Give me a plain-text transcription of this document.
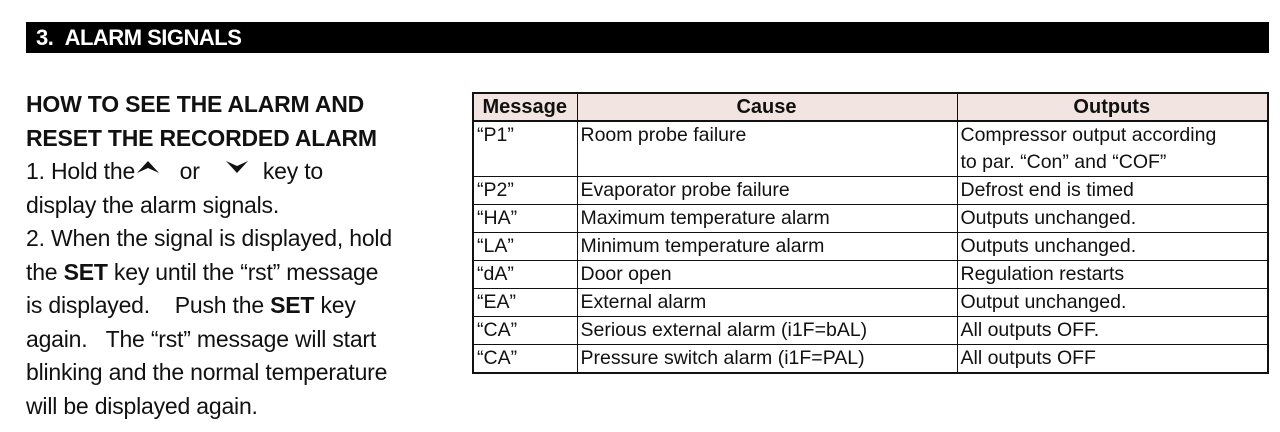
3. ALARM SIGNALS
HOW TO SEE THE ALARM AND
RESET THE RECORDED ALARM
1. Hold the or	key to
display the alarm signals.
2. When the signal is displayed, hold
the SET key until the “rst” message
is displayed.    Push the SET key
again.   The “rst” message will start
blinking and the normal temperature
will be displayed again.
Message	Cause	Outputs
“P1”	Room probe failure	Compressor output according
to par. “Con” and “COF”

“P2”	Evaporator probe failure	Defrost end is timed
“HA”	Maximum temperature alarm	Outputs unchanged.
“LA”	Minimum temperature alarm	Outputs unchanged.
“dA”	Door open	Regulation restarts
“EA”	External alarm	Output unchanged.
“CA”	Serious external alarm (i1F=bAL)	All outputs OFF.
“CA”	Pressure switch alarm (i1F=PAL)	All outputs OFF
